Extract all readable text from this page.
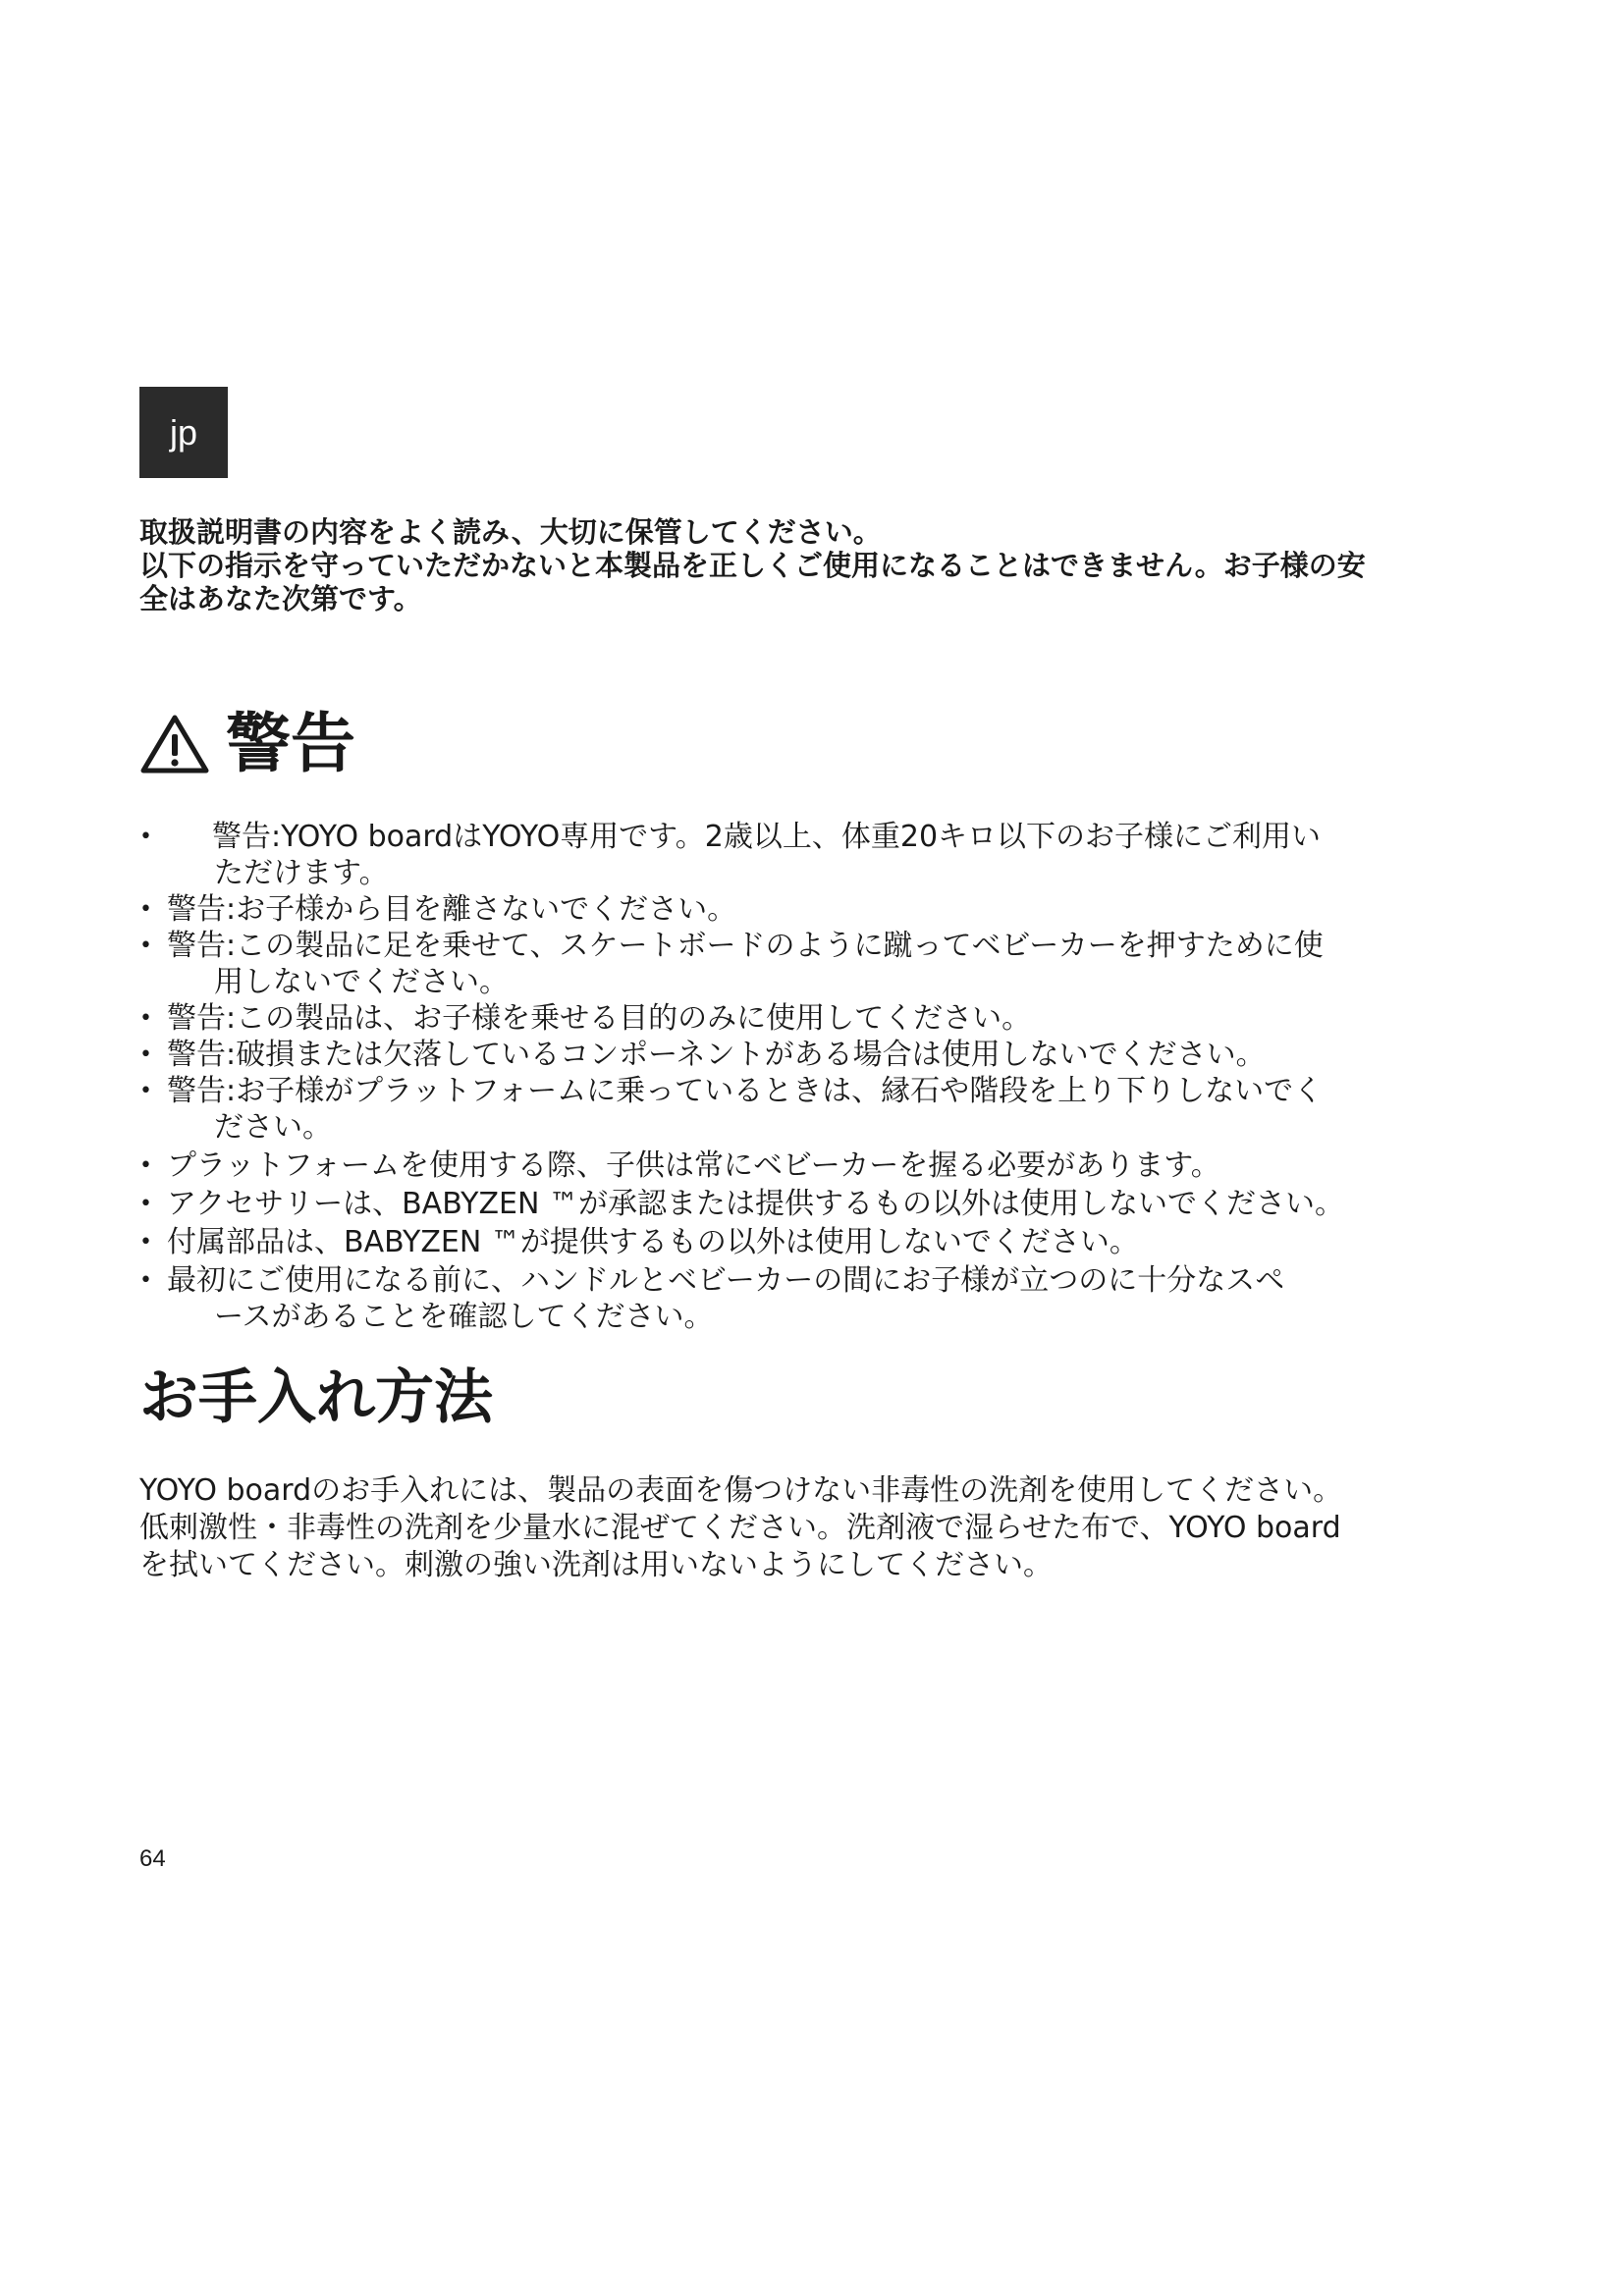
jp

取扱説明書の内容をよく読み、大切に保管してください。

以下の指示を守っていただかないと本製品を正しくご使用になることはできません。お子様の安

全はあなた次第です。

警告
• 警告:YOYO boardはYOYO専用です。2歳以上、体重20キロ以下のお子様にご利用い
ただけます。
• 警告:お子様から目を離さないでください。
• 警告:この製品に足を乗せて、スケートボードのように蹴ってベビーカーを押すために使
用しないでください。
• 警告:この製品は、お子様を乗せる目的のみに使用してください。
• 警告:破損または欠落しているコンポーネントがある場合は使用しないでください。
• 警告:お子様がプラットフォームに乗っているときは、縁石や階段を上り下りしないでく
ださい。
• プラットフォームを使用する際、子供は常にベビーカーを握る必要があります。
• アクセサリーは、BABYZEN ™が承認または提供するもの以外は使用しないでください。
• 付属部品は、BABYZEN ™が提供するもの以外は使用しないでください。
• 最初にご使用になる前に、ハンドルとベビーカーの間にお子様が立つのに十分なスペ
ースがあることを確認してください。
お手入れ方法

YOYO boardのお手入れには、製品の表面を傷つけない非毒性の洗剤を使用してください。

低刺激性・非毒性の洗剤を少量水に混ぜてください。洗剤液で湿らせた布で、YOYO board

を拭いてください。刺激の強い洗剤は用いないようにしてください。

64
